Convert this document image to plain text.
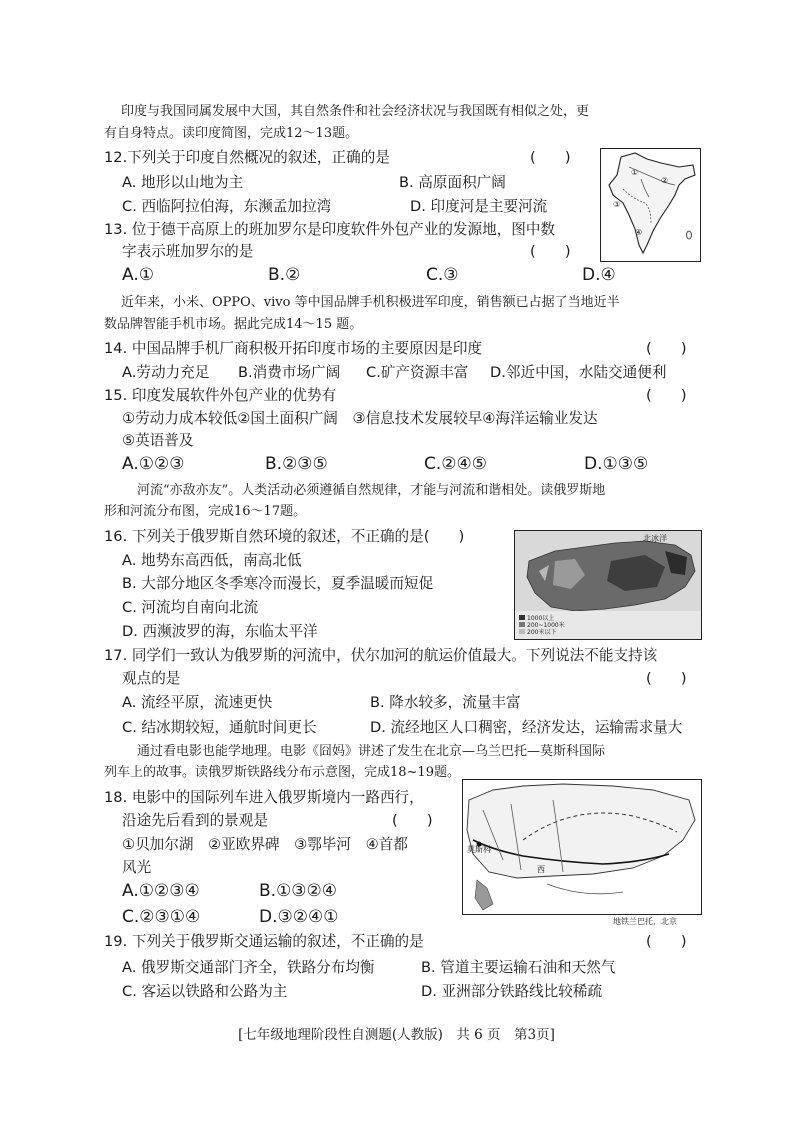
印度与我国同属发展中大国，其自然条件和社会经济状况与我国既有相似之处，更
有自身特点。读印度简图，完成12～13题。
12.下列关于印度自然概况的叙述，正确的是	(　　)
A. 地形以山地为主	B. 高原面积广阔
C. 西临阿拉伯海，东濒孟加拉湾	D. 印度河是主要河流
①
②
③
④
13. 位于德干高原上的班加罗尔是印度软件外包产业的发源地，图中数
字表示班加罗尔的是	(　　)
A.①	B.②	C.③	D.④
近年来，小米、OPPO、vivo 等中国品牌手机积极进军印度，销售额已占据了当地近半
数品牌智能手机市场。据此完成14～15 题。
14. 中国品牌手机厂商积极开拓印度市场的主要原因是印度	(　　)
A.劳动力充足 B.消费市场广阔 C.矿产资源丰富 D.邻近中国，水陆交通便利
15. 印度发展软件外包产业的优势有	(　　)
①劳动力成本较低②国土面积广阔　③信息技术发展较早④海洋运输业发达
⑤英语普及
A.①②③	B.②③⑤	C.②④⑤	D.①③⑤
河流“亦敌亦友”。人类活动必须遵循自然规律，才能与河流和谐相处。读俄罗斯地
形和河流分布图，完成16～17题。
16. 下列关于俄罗斯自然环境的叙述，不正确的是(　　)
A. 地势东高西低，南高北低
B. 大部分地区冬季寒冷而漫长，夏季温暖而短促
C. 河流均自南向北流
D. 西濒波罗的海，东临太平洋
北冰洋
1000以上
200~1000米
200米以下
17. 同学们一致认为俄罗斯的河流中，伏尔加河的航运价值最大。下列说法不能支持该
观点的是	(　　)
A. 流经平原，流速更快	B. 降水较多，流量丰富
C. 结冰期较短，通航时间更长	D. 流经地区人口稠密，经济发达，运输需求量大
通过看电影也能学地理。电影《囧妈》讲述了发生在北京—乌兰巴托—莫斯科国际
列车上的故事。读俄罗斯铁路线分布示意图，完成18~19题。
18. 电影中的国际列车进入俄罗斯境内一路西行，
沿途先后看到的景观是	(　　)
①贝加尔湖　②亚欧界碑　③鄂毕河　④首都
风光
A.①②③④	B.①③②④
C.②③①④	D.③②④①
莫斯科
西
地铁兰巴托，北京
19. 下列关于俄罗斯交通运输的叙述，不正确的是	(　　)
A. 俄罗斯交通部门齐全，铁路分布均衡	B. 管道主要运输石油和天然气
C. 客运以铁路和公路为主	D. 亚洲部分铁路线比较稀疏
[七年级地理阶段性自测题(人教版)　共 6 页　第3页]
